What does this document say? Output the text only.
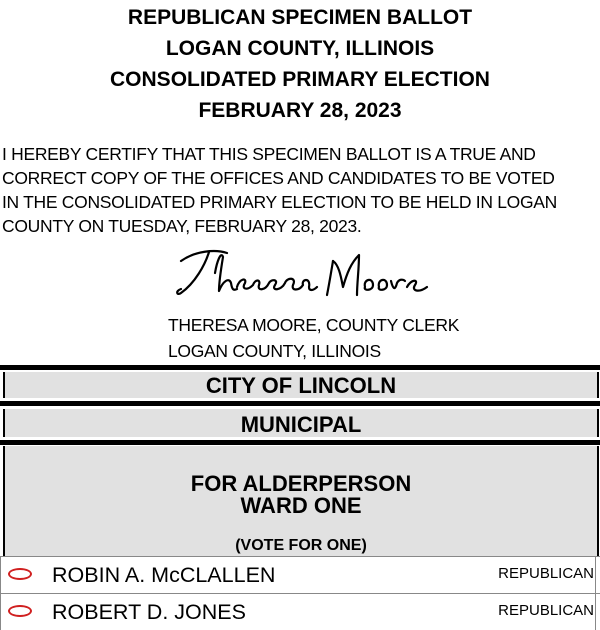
REPUBLICAN SPECIMEN BALLOT
LOGAN COUNTY, ILLINOIS
CONSOLIDATED PRIMARY ELECTION
FEBRUARY 28, 2023
I HEREBY CERTIFY THAT THIS SPECIMEN BALLOT IS A TRUE AND
CORRECT COPY OF THE OFFICES AND CANDIDATES TO BE VOTED
IN THE CONSOLIDATED PRIMARY ELECTION TO BE HELD IN LOGAN
COUNTY ON TUESDAY, FEBRUARY 28, 2023.
THERESA MOORE, COUNTY CLERK
LOGAN COUNTY, ILLINOIS
CITY OF LINCOLN
MUNICIPAL
FOR ALDERPERSON
WARD ONE
(VOTE FOR ONE)
ROBIN A. McCLALLEN	REPUBLICAN
ROBERT D. JONES	REPUBLICAN
